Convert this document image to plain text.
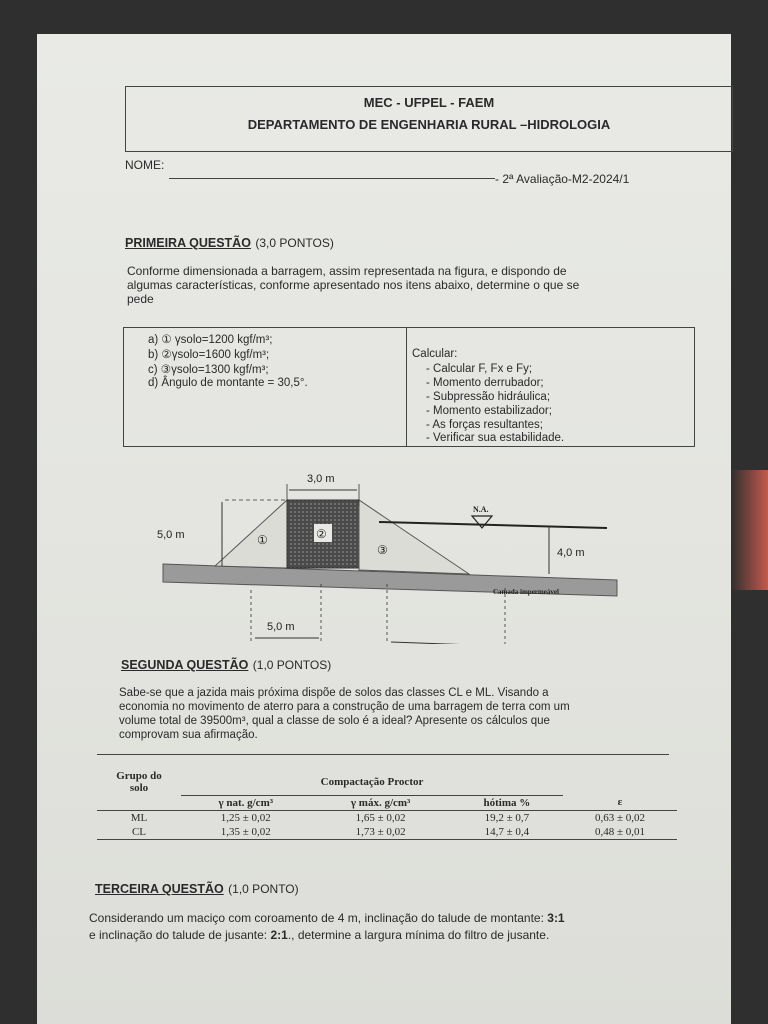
MEC - UFPEL - FAEM
DEPARTAMENTO DE ENGENHARIA RURAL –HIDROLOGIA
NOME:
- 2ª Avaliação-M2-2024/1
PRIMEIRA QUESTÃO (3,0 PONTOS)
Conforme dimensionada a barragem, assim representada na figura, e dispondo de
algumas características, conforme apresentado nos itens abaixo, determine o que se
pede
a) ① γsolo=1200 kgf/m³;
b) ②γsolo=1600 kgf/m³;
c) ③γsolo=1300 kgf/m³;
d) Ângulo de montante = 30,5°.
Calcular:
- Calcular F, Fx e Fy;
- Momento derrubador;
- Subpressão hidráulica;
- Momento estabilizador;
- As forças resultantes;
- Verificar sua estabilidade.
3,0 m
5,0 m
N.A.
4,0 m
5,0 m
①	②
③
Camada impermeável
SEGUNDA QUESTÃO (1,0 PONTOS)
Sabe-se que a jazida mais próxima dispõe de solos das classes CL e ML. Visando a
economia no movimento de aterro para a construção de uma barragem de terra com um
volume total de 39500m³, qual a classe de solo é a ideal? Apresente os cálculos que
comprovam sua afirmação.
Grupo do
solo	Compactação Proctor			
	γ nat. g/cm³	γ máx. g/cm³	hótima %	ε
ML	1,25 ± 0,02	1,65 ± 0,02	19,2 ± 0,7	0,63 ± 0,02
CL	1,35 ± 0,02	1,73 ± 0,02	14,7 ± 0,4	0,48 ± 0,01
TERCEIRA QUESTÃO (1,0 PONTO)
Considerando um maciço com coroamento de 4 m, inclinação do talude de montante: 3:1
e inclinação do talude de jusante: 2:1., determine a largura mínima do filtro de jusante.
